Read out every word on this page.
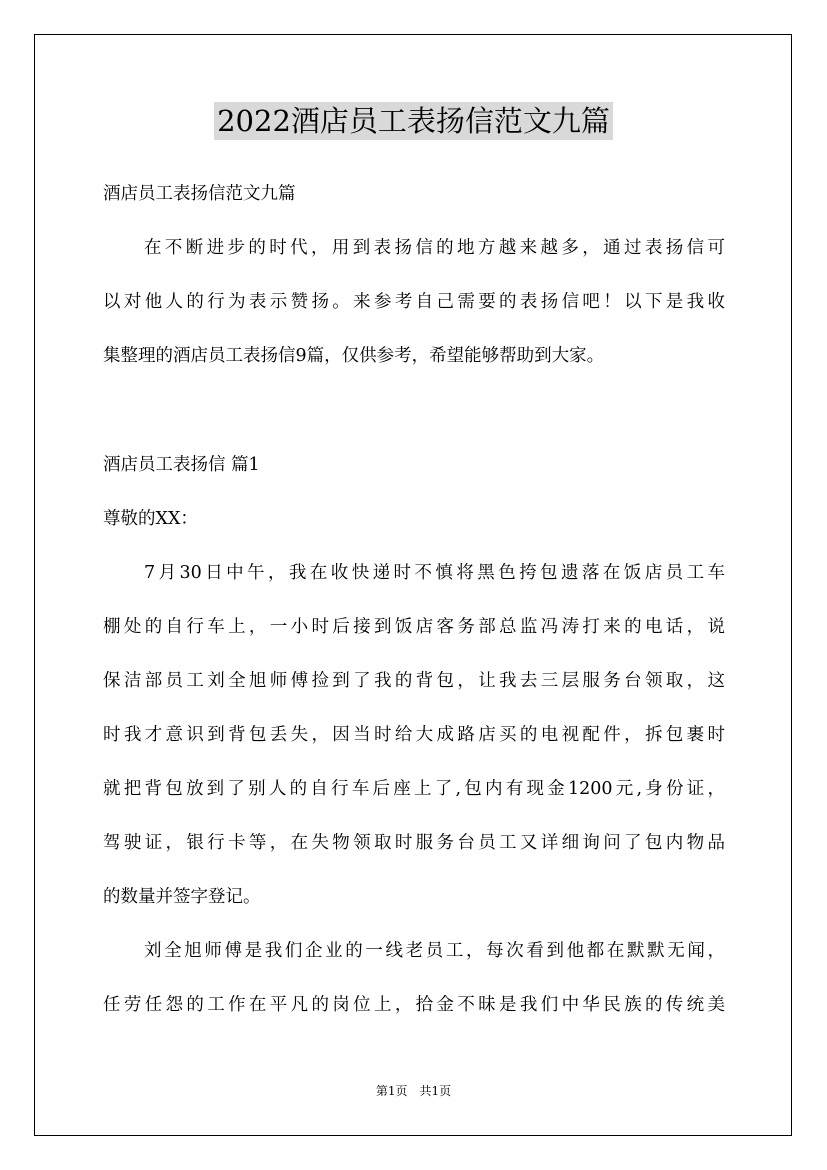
2022酒店员工表扬信范文九篇
酒店员工表扬信范文九篇
在不断进步的时代，用到表扬信的地方越来越多，通过表扬信可
以对他人的行为表示赞扬。来参考自己需要的表扬信吧！以下是我收
集整理的酒店员工表扬信9篇，仅供参考，希望能够帮助到大家。
酒店员工表扬信 篇1
尊敬的XX：
7月30日中午，我在收快递时不慎将黑色挎包遗落在饭店员工车
棚处的自行车上，一小时后接到饭店客务部总监冯涛打来的电话，说
保洁部员工刘全旭师傅捡到了我的背包，让我去三层服务台领取，这
时我才意识到背包丢失，因当时给大成路店买的电视配件，拆包裹时
就把背包放到了别人的自行车后座上了,包内有现金1200元,身份证，
驾驶证，银行卡等，在失物领取时服务台员工又详细询问了包内物品
的数量并签字登记。
刘全旭师傅是我们企业的一线老员工，每次看到他都在默默无闻，
任劳任怨的工作在平凡的岗位上，拾金不昧是我们中华民族的传统美
第1页　共1页
